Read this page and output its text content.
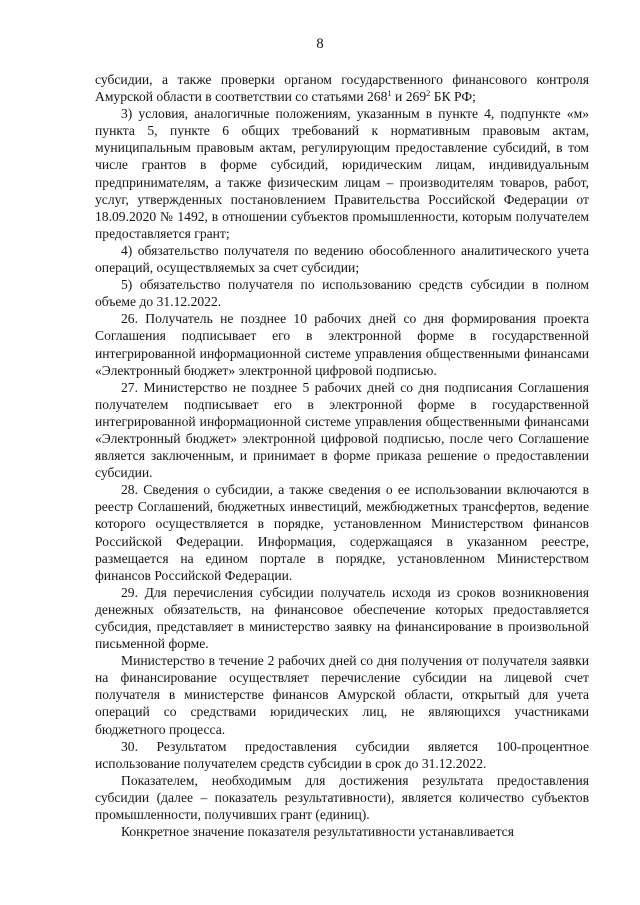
8

субсидии, а также проверки органом государственного финансового контроля Амурской области в соответствии со статьями $268^1$ и $269^2$ БК РФ;

3) условия, аналогичные положениям, указанным в пункте 4, подпункте «м» пункта 5, пункте 6 общих требований к нормативным правовым актам, муниципальным правовым актам, регулирующим предоставление субсидий, в том числе грантов в форме субсидий, юридическим лицам, индивидуальным предпринимателям, а также физическим лицам – производителям товаров, работ, услуг, утвержденных постановлением Правительства Российской Федерации от 18.09.2020 № 1492, в отношении субъектов промышленности, которым получателем предоставляется грант;

4) обязательство получателя по ведению обособленного аналитического учета операций, осуществляемых за счет субсидии;

5) обязательство получателя по использованию средств субсидии в полном объеме до 31.12.2022.

26. Получатель не позднее 10 рабочих дней со дня формирования проекта Соглашения подписывает его в электронной форме в государственной интегрированной информационной системе управления общественными финансами «Электронный бюджет» электронной цифровой подписью.

27. Министерство не позднее 5 рабочих дней со дня подписания Соглашения получателем подписывает его в электронной форме в государственной интегрированной информационной системе управления общественными финансами «Электронный бюджет» электронной цифровой подписью, после чего Соглашение является заключенным, и принимает в форме приказа решение о предоставлении субсидии.

28. Сведения о субсидии, а также сведения о ее использовании включаются в реестр Соглашений, бюджетных инвестиций, межбюджетных трансфертов, ведение которого осуществляется в порядке, установленном Министерством финансов Российской Федерации. Информация, содержащаяся в указанном реестре, размещается на едином портале в порядке, установленном Министерством финансов Российской Федерации.

29. Для перечисления субсидии получатель исходя из сроков возникновения денежных обязательств, на финансовое обеспечение которых предоставляется субсидия, представляет в министерство заявку на финансирование в произвольной письменной форме.

Министерство в течение 2 рабочих дней со дня получения от получателя заявки на финансирование осуществляет перечисление субсидии на лицевой счет получателя в министерстве финансов Амурской области, открытый для учета операций со средствами юридических лиц, не являющихся участниками бюджетного процесса.

30. Результатом предоставления субсидии является 100-процентное использование получателем средств субсидии в срок до 31.12.2022.

Показателем, необходимым для достижения результата предоставления субсидии (далее – показатель результативности), является количество субъектов промышленности, получивших грант (единиц).

Конкретное значение показателя результативности устанавливается
